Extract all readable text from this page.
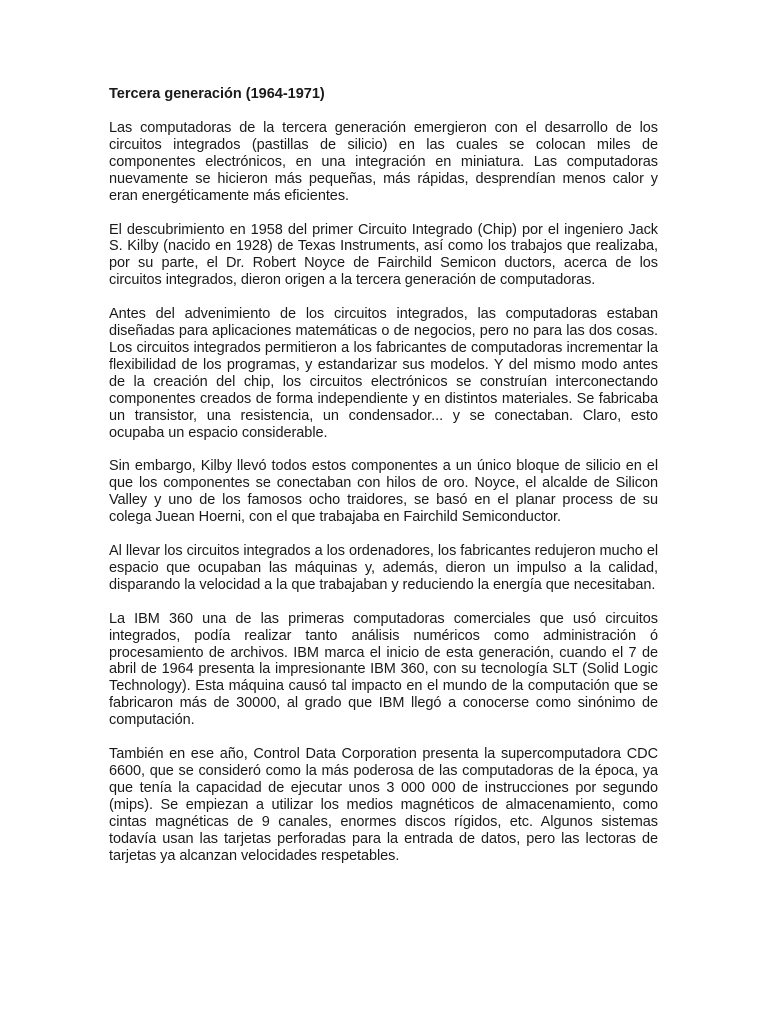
Tercera generación (1964-1971)

Las computadoras de la tercera generación emergieron con el desarrollo de los circuitos integrados (pastillas de silicio) en las cuales se colocan miles de componentes electrónicos, en una integración en miniatura. Las computadoras nuevamente se hicieron más pequeñas, más rápidas, desprendían menos calor y eran energéticamente más eficientes.

El descubrimiento en 1958 del primer Circuito Integrado (Chip) por el ingeniero Jack S. Kilby (nacido en 1928) de Texas Instruments, así como los trabajos que realizaba, por su parte, el Dr. Robert Noyce de Fairchild Semicon ductors, acerca de los circuitos integrados, dieron origen a la tercera generación de computadoras.

Antes del advenimiento de los circuitos integrados, las computadoras estaban diseñadas para aplicaciones matemáticas o de negocios, pero no para las dos cosas. Los circuitos integrados permitieron a los fabricantes de computadoras incrementar la flexibilidad de los programas, y estandarizar sus modelos. Y del mismo modo antes de la creación del chip, los circuitos electrónicos se construían interconectando componentes creados de forma independiente y en distintos materiales. Se fabricaba un transistor, una resistencia, un condensador... y se conectaban. Claro, esto ocupaba un espacio considerable.

Sin embargo, Kilby llevó todos estos componentes a un único bloque de silicio en el que los componentes se conectaban con hilos de oro. Noyce, el alcalde de Silicon Valley y uno de los famosos ocho traidores, se basó en el planar process de su colega Juean Hoerni, con el que trabajaba en Fairchild Semiconductor.

Al llevar los circuitos integrados a los ordenadores, los fabricantes redujeron mucho el espacio que ocupaban las máquinas y, además, dieron un impulso a la calidad, disparando la velocidad a la que trabajaban y reduciendo la energía que necesitaban.

La IBM 360 una de las primeras computadoras comerciales que usó circuitos integrados, podía realizar tanto análisis numéricos como administración ó procesamiento de archivos. IBM marca el inicio de esta generación, cuando el 7 de abril de 1964 presenta la impresionante IBM 360, con su tecnología SLT (Solid Logic Technology). Esta máquina causó tal impacto en el mundo de la computación que se fabricaron más de 30000, al grado que IBM llegó a conocerse como sinónimo de computación.

También en ese año, Control Data Corporation presenta la supercomputadora CDC 6600, que se consideró como la más poderosa de las computadoras de la época, ya que tenía la capacidad de ejecutar unos 3 000 000 de instrucciones por segundo (mips). Se empiezan a utilizar los medios magnéticos de almacenamiento, como cintas magnéticas de 9 canales, enormes discos rígidos, etc. Algunos sistemas todavía usan las tarjetas perforadas para la entrada de datos, pero las lectoras de tarjetas ya alcanzan velocidades respetables.
